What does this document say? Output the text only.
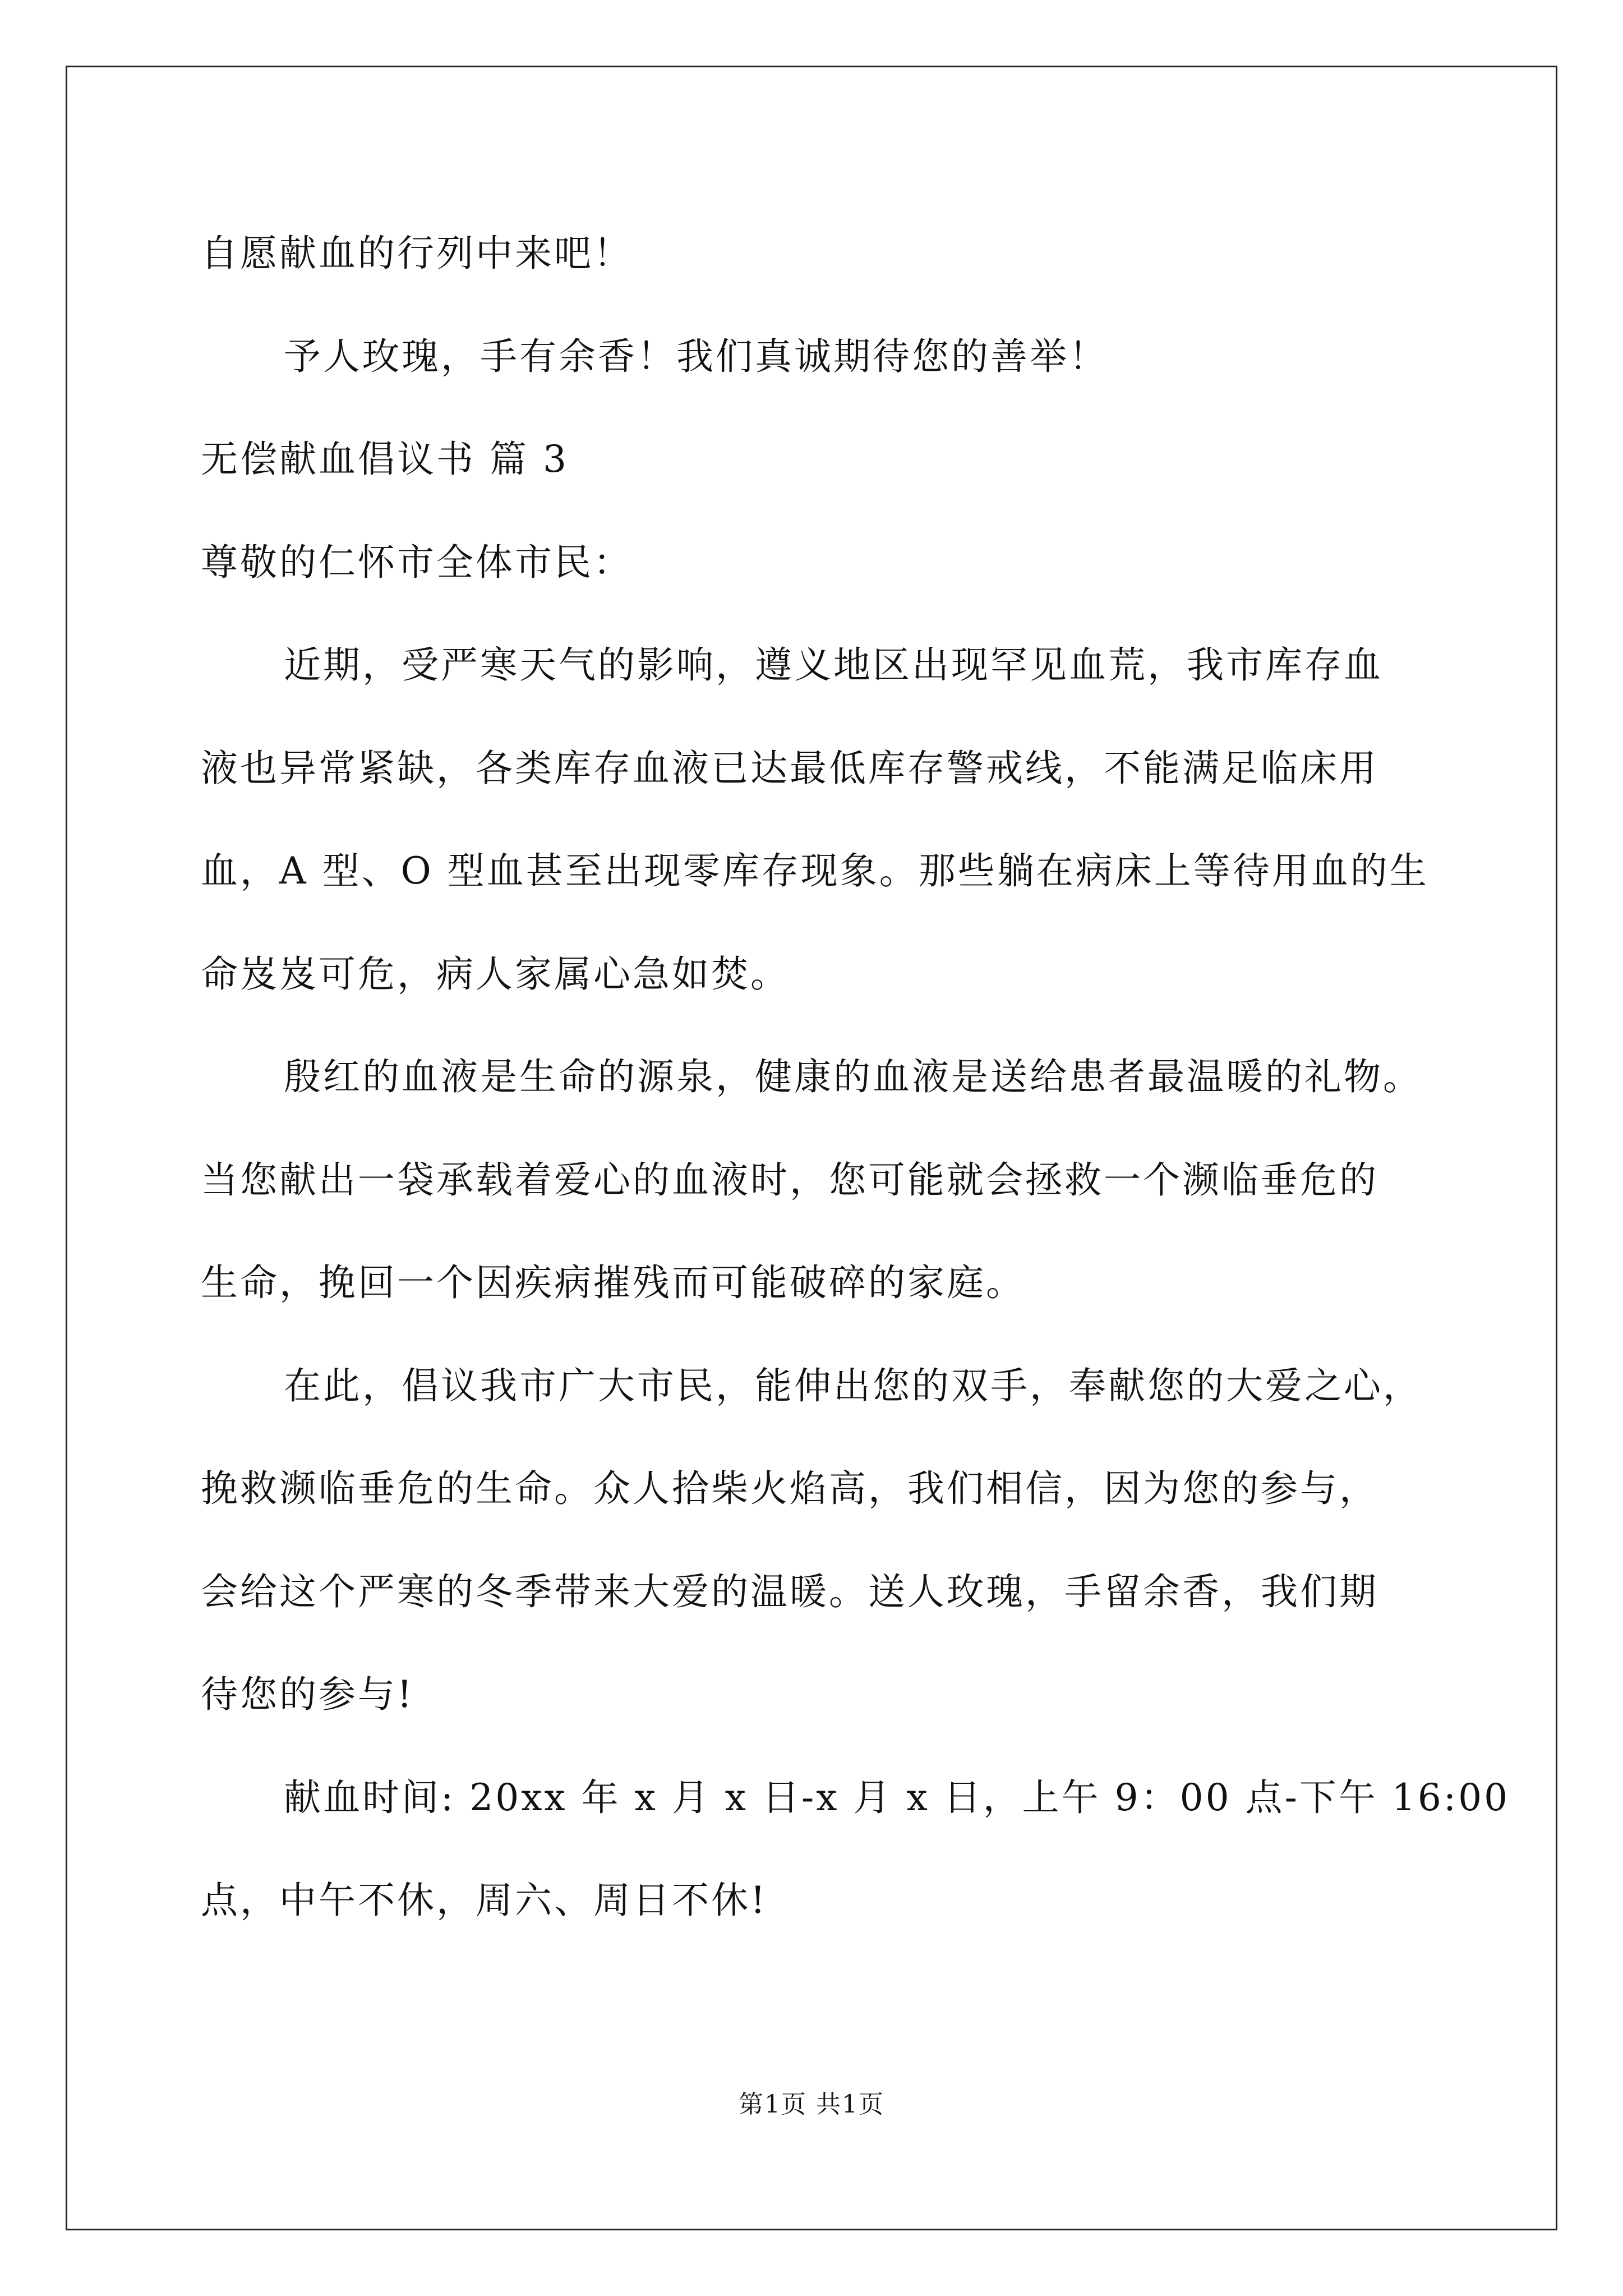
自愿献血的行列中来吧！
予人玫瑰，手有余香！我们真诚期待您的善举！
无偿献血倡议书 篇 3
尊敬的仁怀市全体市民：
近期，受严寒天气的影响，遵义地区出现罕见血荒，我市库存血
液也异常紧缺，各类库存血液已达最低库存警戒线，不能满足临床用
血，A 型、O 型血甚至出现零库存现象。那些躺在病床上等待用血的生
命岌岌可危，病人家属心急如焚。
殷红的血液是生命的源泉，健康的血液是送给患者最温暖的礼物。
当您献出一袋承载着爱心的血液时，您可能就会拯救一个濒临垂危的
生命，挽回一个因疾病摧残而可能破碎的家庭。
在此，倡议我市广大市民，能伸出您的双手，奉献您的大爱之心，
挽救濒临垂危的生命。众人拾柴火焰高，我们相信，因为您的参与，
会给这个严寒的冬季带来大爱的温暖。送人玫瑰，手留余香，我们期
待您的参与!
献血时间: 20xx 年 x 月 x 日-x 月 x 日，上午 9：00 点-下午 16:00
点，中午不休，周六、周日不休!
第1页 共1页
